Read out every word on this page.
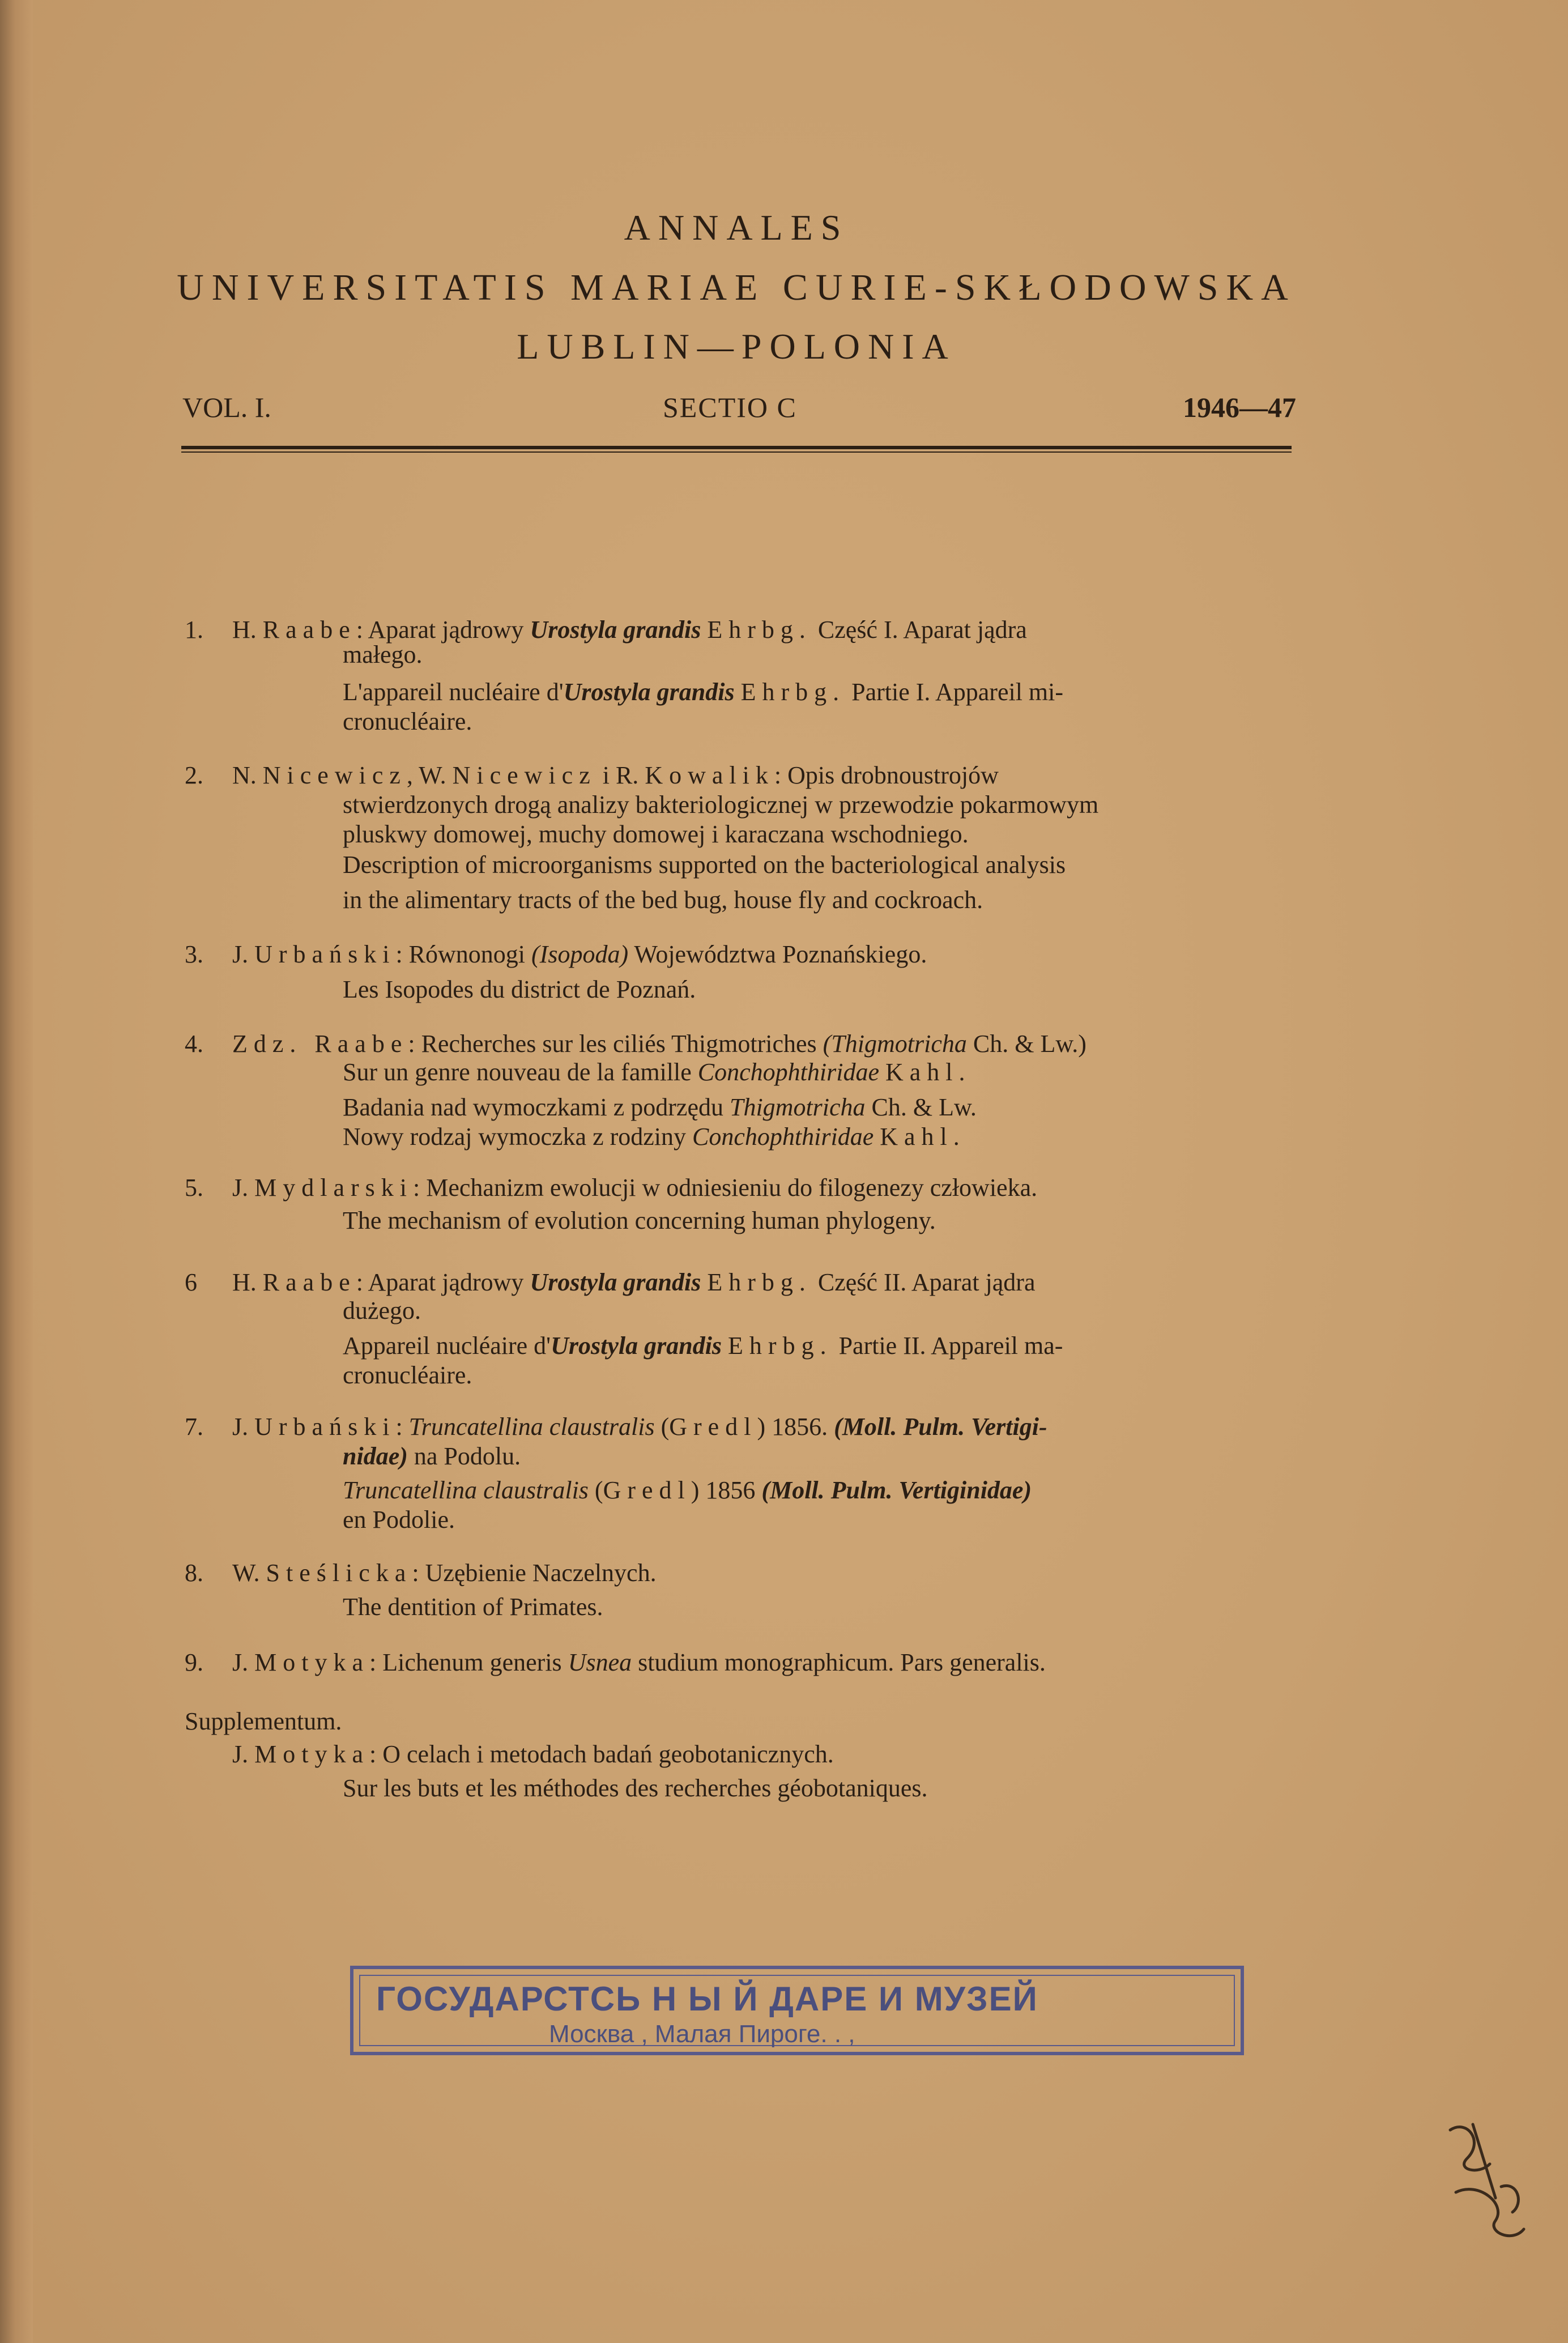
ANNALES
UNIVERSITATIS MARIAE CURIE-SKŁODOWSKA
LUBLIN—POLONIA
VOL. I.	SECTIO C	1946—47
1. H. Raabe: Aparat jądrowy Urostyla grandis Ehrbg. Część I. Aparat jądra
małego.
L'appareil nucléaire d'Urostyla grandis Ehrbg. Partie I. Appareil mi-
cronucléaire.
2. N. Nicewicz, W. Nicewicz i R. Kowalik: Opis drobnoustrojów
stwierdzonych drogą analizy bakteriologicznej w przewodzie pokarmowym
pluskwy domowej, muchy domowej i karaczana wschodniego.
Description of microorganisms supported on the bacteriological analysis
in the alimentary tracts of the bed bug, house fly and cockroach.
3. J. Urbański: Równonogi (Isopoda) Województwa Poznańskiego.
Les Isopodes du district de Poznań.
4. Zdz. Raabe: Recherches sur les ciliés Thigmotriches (Thigmotricha Ch. & Lw.)
Sur un genre nouveau de la famille Conchophthiridae Kahl.
Badania nad wymoczkami z podrzędu Thigmotricha Ch. & Lw.
Nowy rodzaj wymoczka z rodziny Conchophthiridae Kahl.
5. J. Mydlarski: Mechanizm ewolucji w odniesieniu do filogenezy człowieka.
The mechanism of evolution concerning human phylogeny.
6 H. Raabe: Aparat jądrowy Urostyla grandis Ehrbg. Część II. Aparat jądra
dużego.
Appareil nucléaire d'Urostyla grandis Ehrbg. Partie II. Appareil ma-
cronucléaire.
7. J. Urbański: Truncatellina claustralis (Gredl) 1856. (Moll. Pulm. Vertigi-
nidae) na Podolu.
Truncatellina claustralis (Gredl) 1856 (Moll. Pulm. Vertiginidae)
en Podolie.
8. W. Steślicka: Uzębienie Naczelnych.
The dentition of Primates.
9. J. Motyka: Lichenum generis Usnea studium monographicum. Pars generalis.
Supplementum.
J. Motyka: O celach i metodach badań geobotanicznych.
Sur les buts et les méthodes des recherches géobotaniques.
ГОСУДАРСТСЬ Н Ы Й ДАРЕ И МУЗЕЙ
Москва , Малая Пироге. . ,
